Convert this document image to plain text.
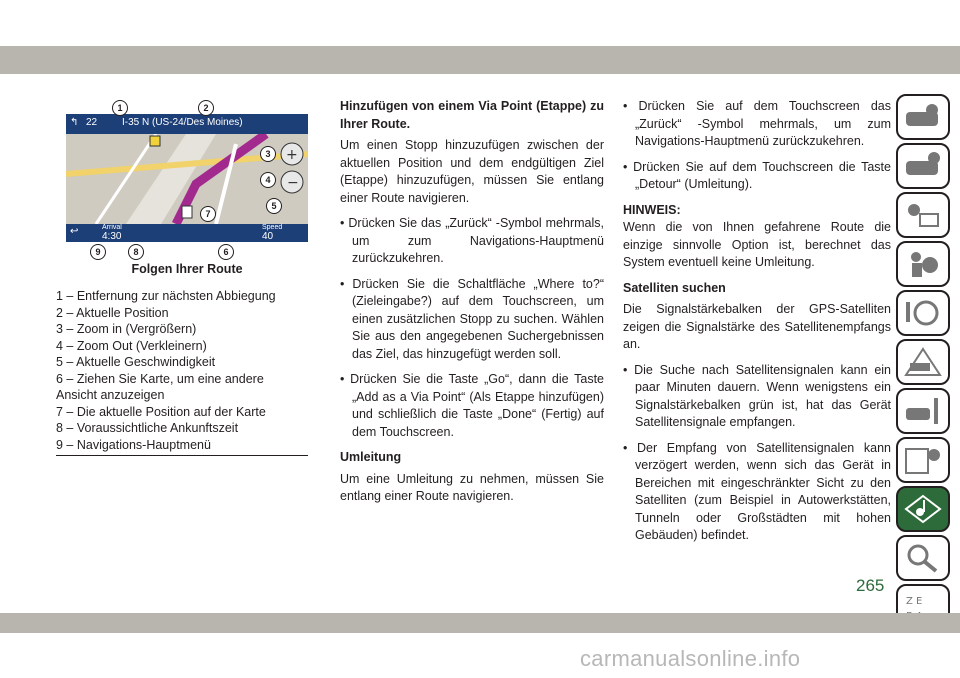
+
−
↰ 22 I-35 N (US-24/Des Moines)
↩	Arrival
4:30
Speed
40
1	2
3
4
5
6
7
8
9
Folgen Ihrer Route
1 – Entfernung zur nächsten Abbiegung
2 – Aktuelle Position
3 – Zoom in (Vergrößern)
4 – Zoom Out (Verkleinern)
5 – Aktuelle Geschwindigkeit
6 – Ziehen Sie Karte, um eine andere
Ansicht anzuzeigen
7 – Die aktuelle Position auf der Karte
8 – Voraussichtliche Ankunftszeit
9 – Navigations-Hauptmenü

Hinzufügen von einem Via Point (Etappe) zu Ihrer Route.

Um einen Stopp hinzuzufügen zwischen der aktuellen Position und dem endgültigen Ziel (Etappe) hinzuzufügen, müssen Sie entlang einer Route navigieren.

• Drücken Sie das „Zurück“ -Symbol mehrmals, um zum Navigations-Hauptmenü zurückzukehren.

• Drücken Sie die Schaltfläche „Where to?“ (Zieleingabe?) auf dem Touchscreen, um einen zusätzlichen Stopp zu suchen. Wählen Sie aus den angegebenen Suchergebnissen das Ziel, das hinzugefügt werden soll.

• Drücken Sie die Taste „Go“, dann die Taste „Add as a Via Point“ (Als Etappe hinzufügen) und schließlich die Taste „Done“ (Fertig) auf dem Touchscreen.

Umleitung

Um eine Umleitung zu nehmen, müssen Sie entlang einer Route navigieren.

• Drücken Sie auf dem Touchscreen das „Zurück“ -Symbol mehrmals, um zum Navigations-Hauptmenü zurückzukehren.

• Drücken Sie auf dem Touchscreen die Taste „Detour“ (Umleitung).

HINWEIS:

Wenn die von Ihnen gefahrene Route die einzige sinnvolle Option ist, berechnet das System eventuell keine Umleitung.

Satelliten suchen

Die Signalstärkebalken der GPS-Satelliten zeigen die Signalstärke des Satellitenempfangs an.

• Die Suche nach Satellitensignalen kann ein paar Minuten dauern. Wenn wenigstens ein Signalstärkebalken grün ist, hat das Gerät Satellitensignale empfangen.

• Der Empfang von Satellitensignalen kann verzögert werden, wenn sich das Gerät in Bereichen mit eingeschränkter Sicht zu den Satelliten (zum Beispiel in Autowerkstätten, Tunneln oder Großstädten mit hohen Gebäuden) befindet.

Z E
265
carmanualsonline.info
